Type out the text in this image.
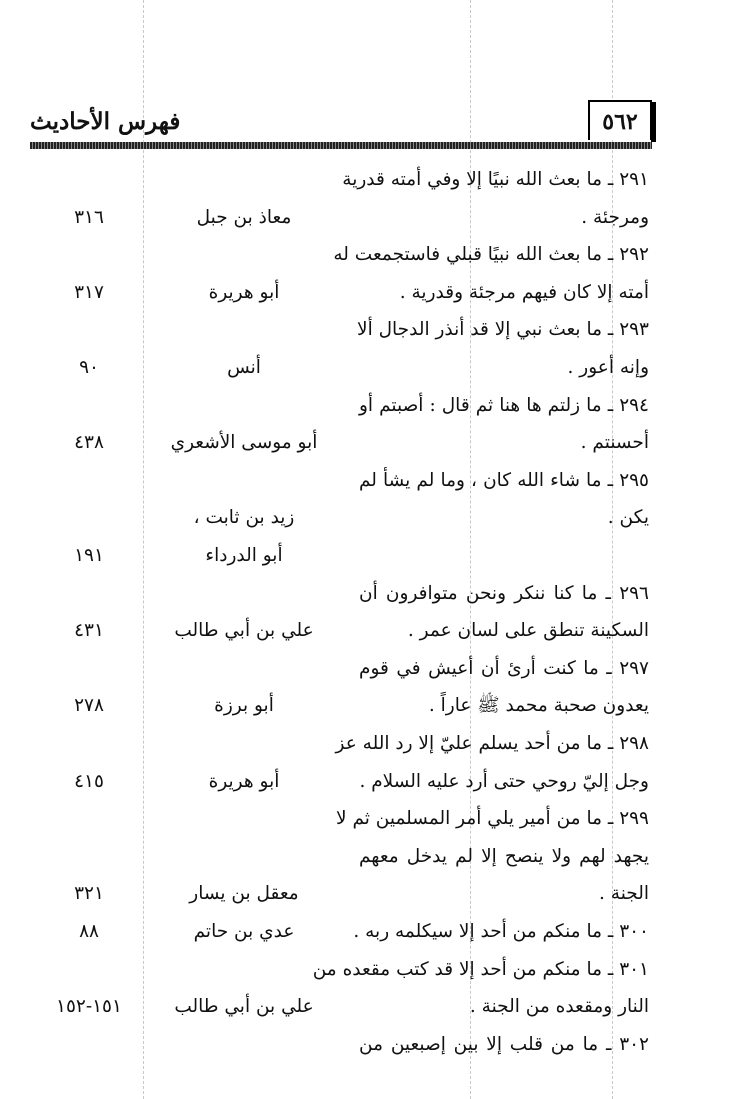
فهرس الأحاديث	٥٦٢
٢٩١ ـ ما بعث الله نبيًا إلا وفي أمته قدرية
ومرجئة .
معاذ بن جبل
٣١٦
٢٩٢ ـ ما بعث الله نبيًا قبلي فاستجمعت له
أمته إلا كان فيهم مرجئة وقدرية .
أبو هريرة
٣١٧
٢٩٣ ـ ما بعث نبي إلا قد أنذر الدجال ألا
وإنه أعور .
أنس
٩٠
٢٩٤ ـ ما زلتم ها هنا ثم قال : أصبتم أو
أحسنتم .
أبو موسى الأشعري
٤٣٨
٢٩٥ ـ ما شاء الله كان ، وما لم يشأ لم
يكن .
زيد بن ثابت ،
أبو الدرداء
١٩١
٢٩٦ ـ ما كنا ننكر ونحن متوافرون أن
السكينة تنطق على لسان عمر .
علي بن أبي طالب
٤٣١
٢٩٧ ـ ما كنت أرئ أن أعيش في قوم
يعدون صحبة محمد ﷺ عاراً .
أبو برزة
٢٧٨
٢٩٨ ـ ما من أحد يسلم عليّ إلا رد الله عز
وجل إليّ روحي حتى أرد عليه السلام .
أبو هريرة
٤١٥
٢٩٩ ـ ما من أمير يلي أمر المسلمين ثم لا
يجهد لهم ولا ينصح إلا لم يدخل معهم
الجنة .
معقل بن يسار
٣٢١
٣٠٠ ـ ما منكم من أحد إلا سيكلمه ربه .
عدي بن حاتم
٨٨
٣٠١ ـ ما منكم من أحد إلا قد كتب مقعده من
النار ومقعده من الجنة .
علي بن أبي طالب
١٥١-١٥٢
٣٠٢ ـ ما من قلب إلا بين إصبعين من
